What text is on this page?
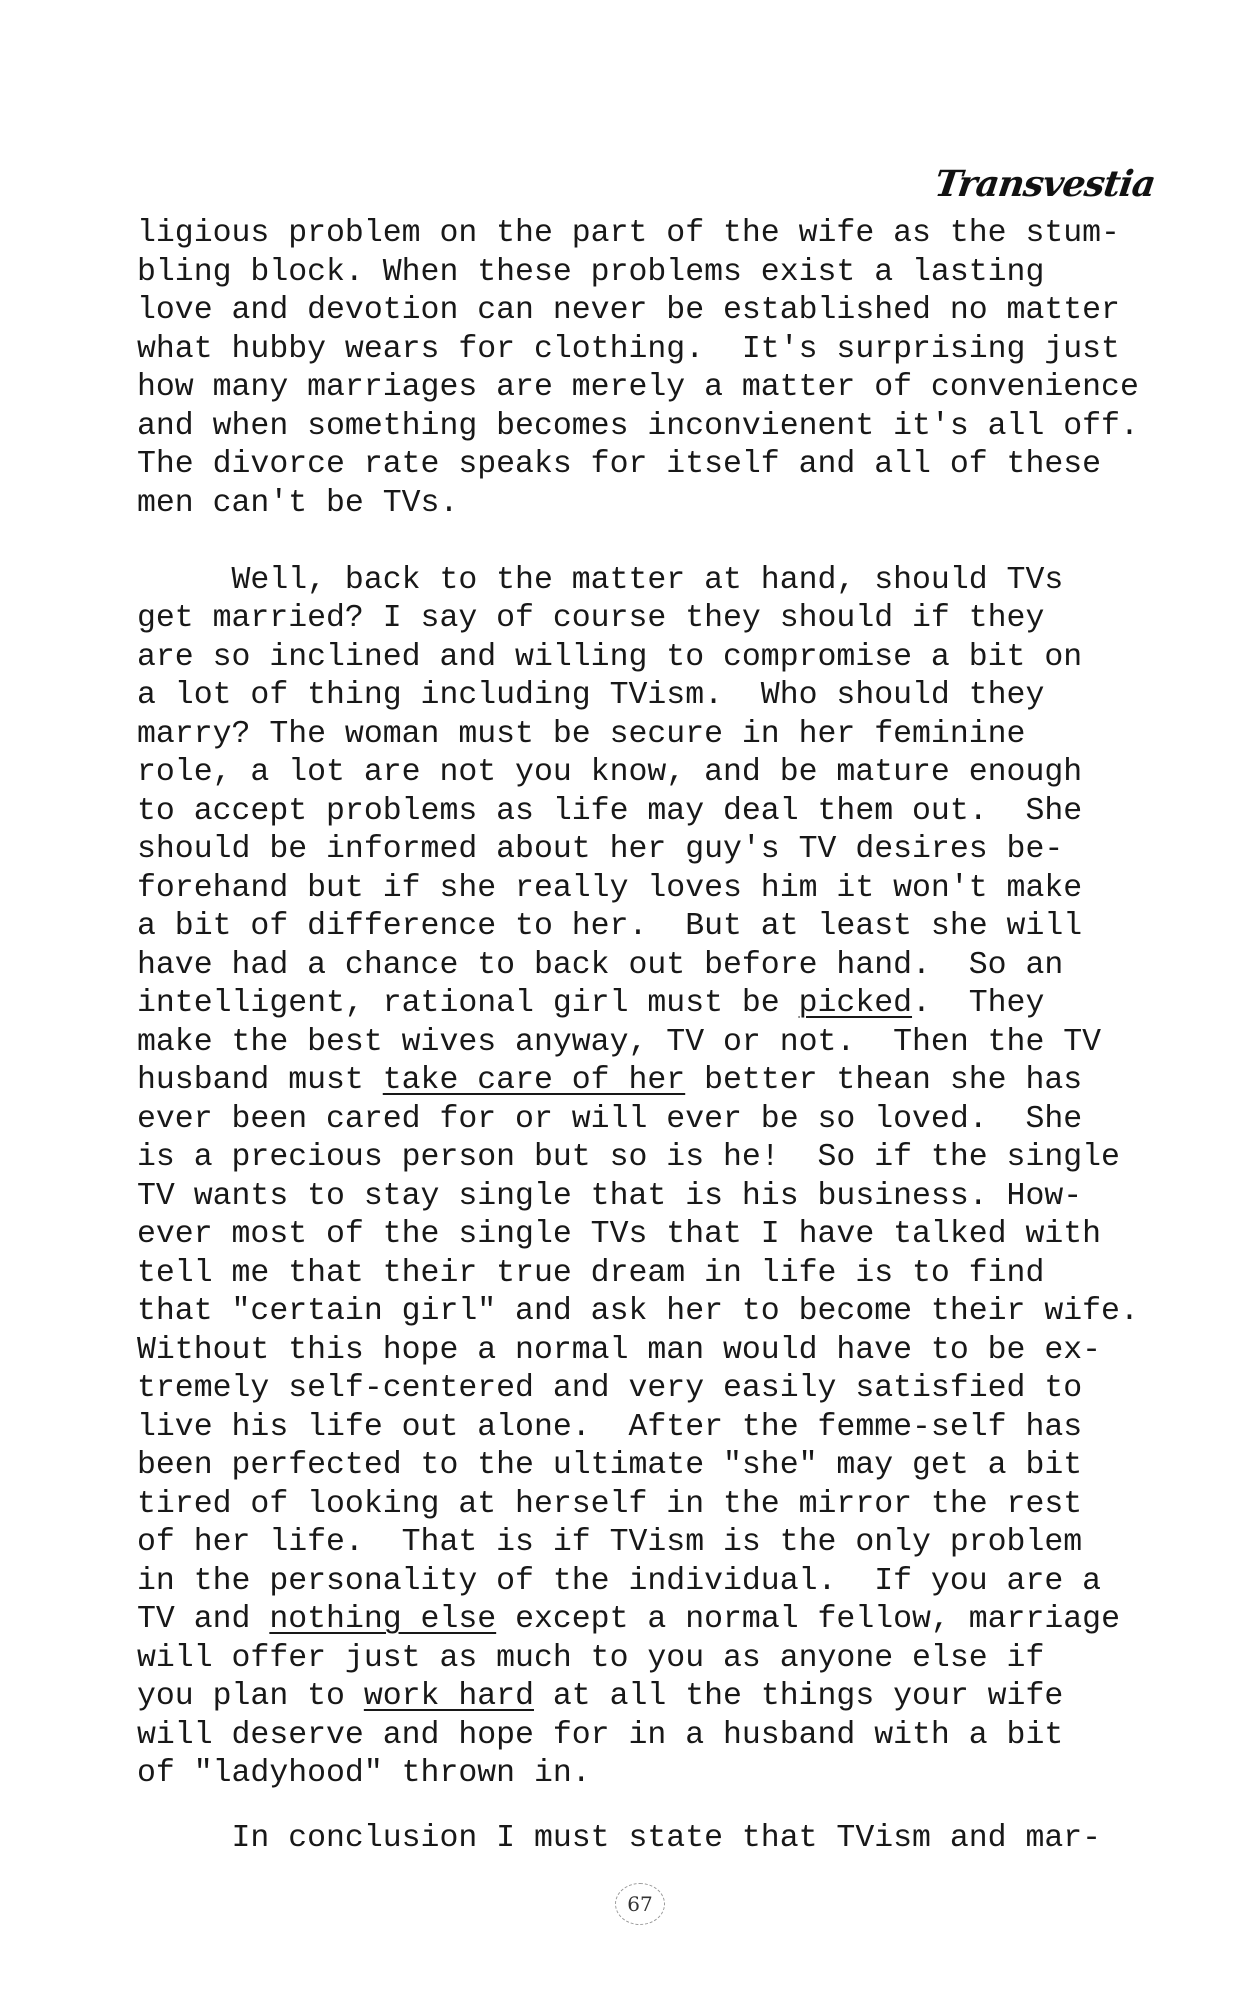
Transvestia
ligious problem on the part of the wife as the stum-
bling block. When these problems exist a lasting
love and devotion can never be established no matter
what hubby wears for clothing.  It's surprising just
how many marriages are merely a matter of convenience
and when something becomes inconvienent it's all off.
The divorce rate speaks for itself and all of these
men can't be TVs.
Well, back to the matter at hand, should TVs
get married? I say of course they should if they
are so inclined and willing to compromise a bit on
a lot of thing including TVism.  Who should they
marry? The woman must be secure in her feminine
role, a lot are not you know, and be mature enough
to accept problems as life may deal them out.  She
should be informed about her guy's TV desires be-
forehand but if she really loves him it won't make
a bit of difference to her.  But at least she will
have had a chance to back out before hand.  So an
intelligent, rational girl must be picked.  They
make the best wives anyway, TV or not.  Then the TV
husband must take care of her better thean she has
ever been cared for or will ever be so loved.  She
is a precious person but so is he!  So if the single
TV wants to stay single that is his business. How-
ever most of the single TVs that I have talked with
tell me that their true dream in life is to find
that "certain girl" and ask her to become their wife.
Without this hope a normal man would have to be ex-
tremely self-centered and very easily satisfied to
live his life out alone.  After the femme-self has
been perfected to the ultimate "she" may get a bit
tired of looking at herself in the mirror the rest
of her life.  That is if TVism is the only problem
in the personality of the individual.  If you are a
TV and nothing else except a normal fellow, marriage
will offer just as much to you as anyone else if
you plan to work hard at all the things your wife
will deserve and hope for in a husband with a bit
of "ladyhood" thrown in.
In conclusion I must state that TVism and mar-
67
